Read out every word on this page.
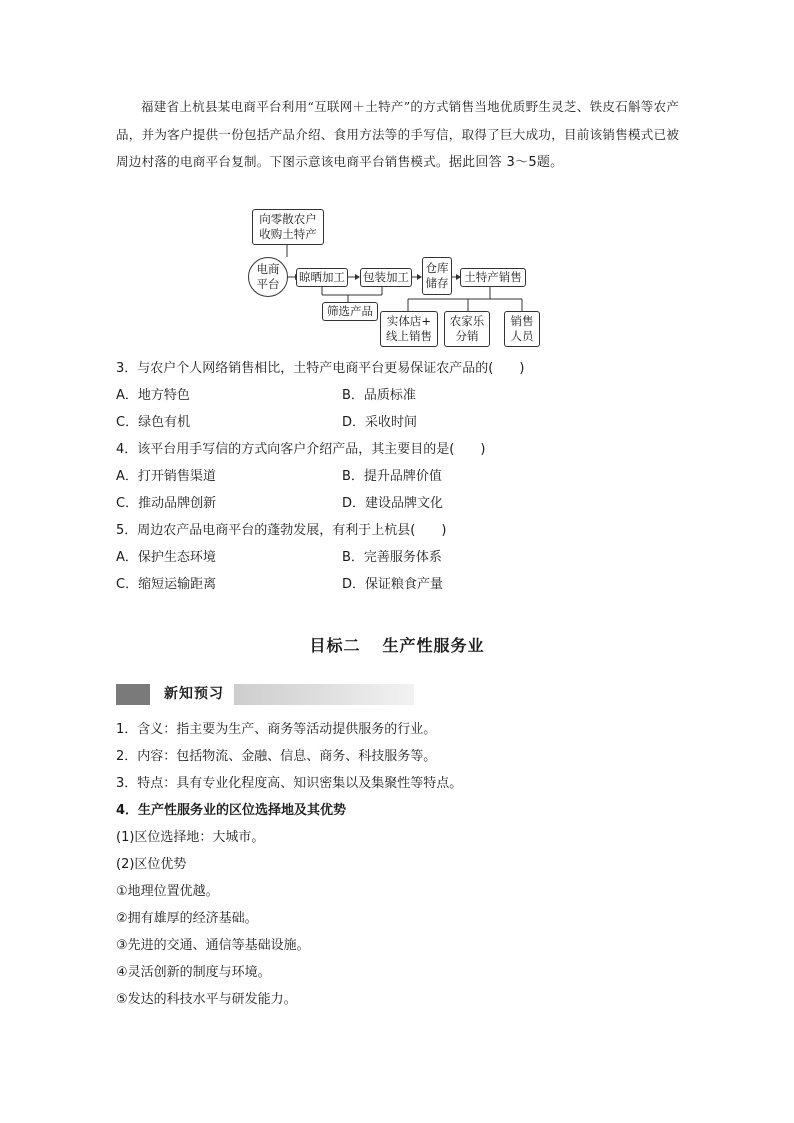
福建省上杭县某电商平台利用“互联网＋土特产”的方式销售当地优质野生灵芝、铁皮石斛等农产品，并为客户提供一份包括产品介绍、食用方法等的手写信，取得了巨大成功，目前该销售模式已被周边村落的电商平台复制。下图示意该电商平台销售模式。据此回答 3～5题。

向零散农户
收购土特产
电商
平台	晾晒加工 包装加工
仓库
储存	土特产销售
筛选产品
实体店+
线上销售
农家乐
分销
销售
人员
3．与农户个人网络销售相比，土特产电商平台更易保证农产品的(　　)
A．地方特色	B．品质标准
C．绿色有机	D．采收时间
4．该平台用手写信的方式向客户介绍产品，其主要目的是(　　)
A．打开销售渠道	B．提升品牌价值
C．推动品牌创新	D．建设品牌文化
5．周边农产品电商平台的蓬勃发展，有利于上杭县(　　)
A．保护生态环境	B．完善服务体系
C．缩短运输距离	D．保证粮食产量
目标二 生产性服务业
新知预习
1．含义：指主要为生产、商务等活动提供服务的行业。
2．内容：包括物流、金融、信息、商务、科技服务等。
3．特点：具有专业化程度高、知识密集以及集聚性等特点。
4．生产性服务业的区位选择地及其优势
(1)区位选择地：大城市。
(2)区位优势
①地理位置优越。
②拥有雄厚的经济基础。
③先进的交通、通信等基础设施。
④灵活创新的制度与环境。
⑤发达的科技水平与研发能力。
